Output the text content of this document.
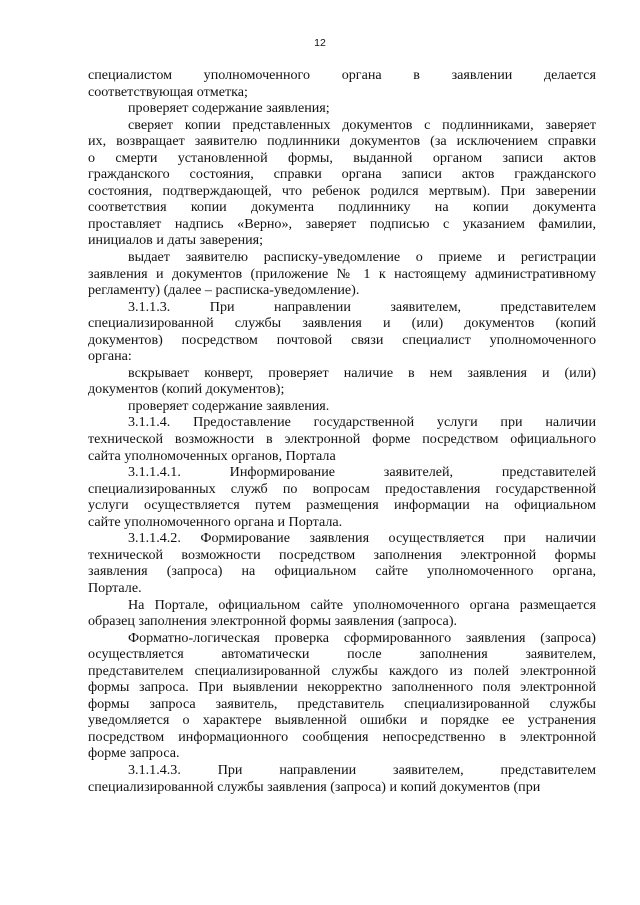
12
специалистом уполномоченного органа в заявлении делается
соответствующая отметка;
проверяет содержание заявления;
сверяет копии представленных документов с подлинниками, заверяет
их, возвращает заявителю подлинники документов (за исключением справки
о смерти установленной формы, выданной органом записи актов
гражданского состояния, справки органа записи актов гражданского
состояния, подтверждающей, что ребенок родился мертвым). При заверении
соответствия копии документа подлиннику на копии документа
проставляет надпись «Верно», заверяет подписью с указанием фамилии,
инициалов и даты заверения;
выдает заявителю расписку-уведомление о приеме и регистрации
заявления и документов (приложение № 1 к настоящему административному
регламенту) (далее – расписка-уведомление).
3.1.1.3. При направлении заявителем, представителем
специализированной службы заявления и (или) документов (копий
документов) посредством почтовой связи специалист уполномоченного
органа:
вскрывает конверт, проверяет наличие в нем заявления и (или)
документов (копий документов);
проверяет содержание заявления.
3.1.1.4. Предоставление государственной услуги при наличии
технической возможности в электронной форме посредством официального
сайта уполномоченных органов, Портала
3.1.1.4.1. Информирование заявителей, представителей
специализированных служб по вопросам предоставления государственной
услуги осуществляется путем размещения информации на официальном
сайте уполномоченного органа и Портала.
3.1.1.4.2. Формирование заявления осуществляется при наличии
технической возможности посредством заполнения электронной формы
заявления (запроса) на официальном сайте уполномоченного органа,
Портале.
На Портале, официальном сайте уполномоченного органа размещается
образец заполнения электронной формы заявления (запроса).
Форматно-логическая проверка сформированного заявления (запроса)
осуществляется автоматически после заполнения заявителем,
представителем специализированной службы каждого из полей электронной
формы запроса. При выявлении некорректно заполненного поля электронной
формы запроса заявитель, представитель специализированной службы
уведомляется о характере выявленной ошибки и порядке ее устранения
посредством информационного сообщения непосредственно в электронной
форме запроса.
3.1.1.4.3. При направлении заявителем, представителем
специализированной службы заявления (запроса) и копий документов (при
